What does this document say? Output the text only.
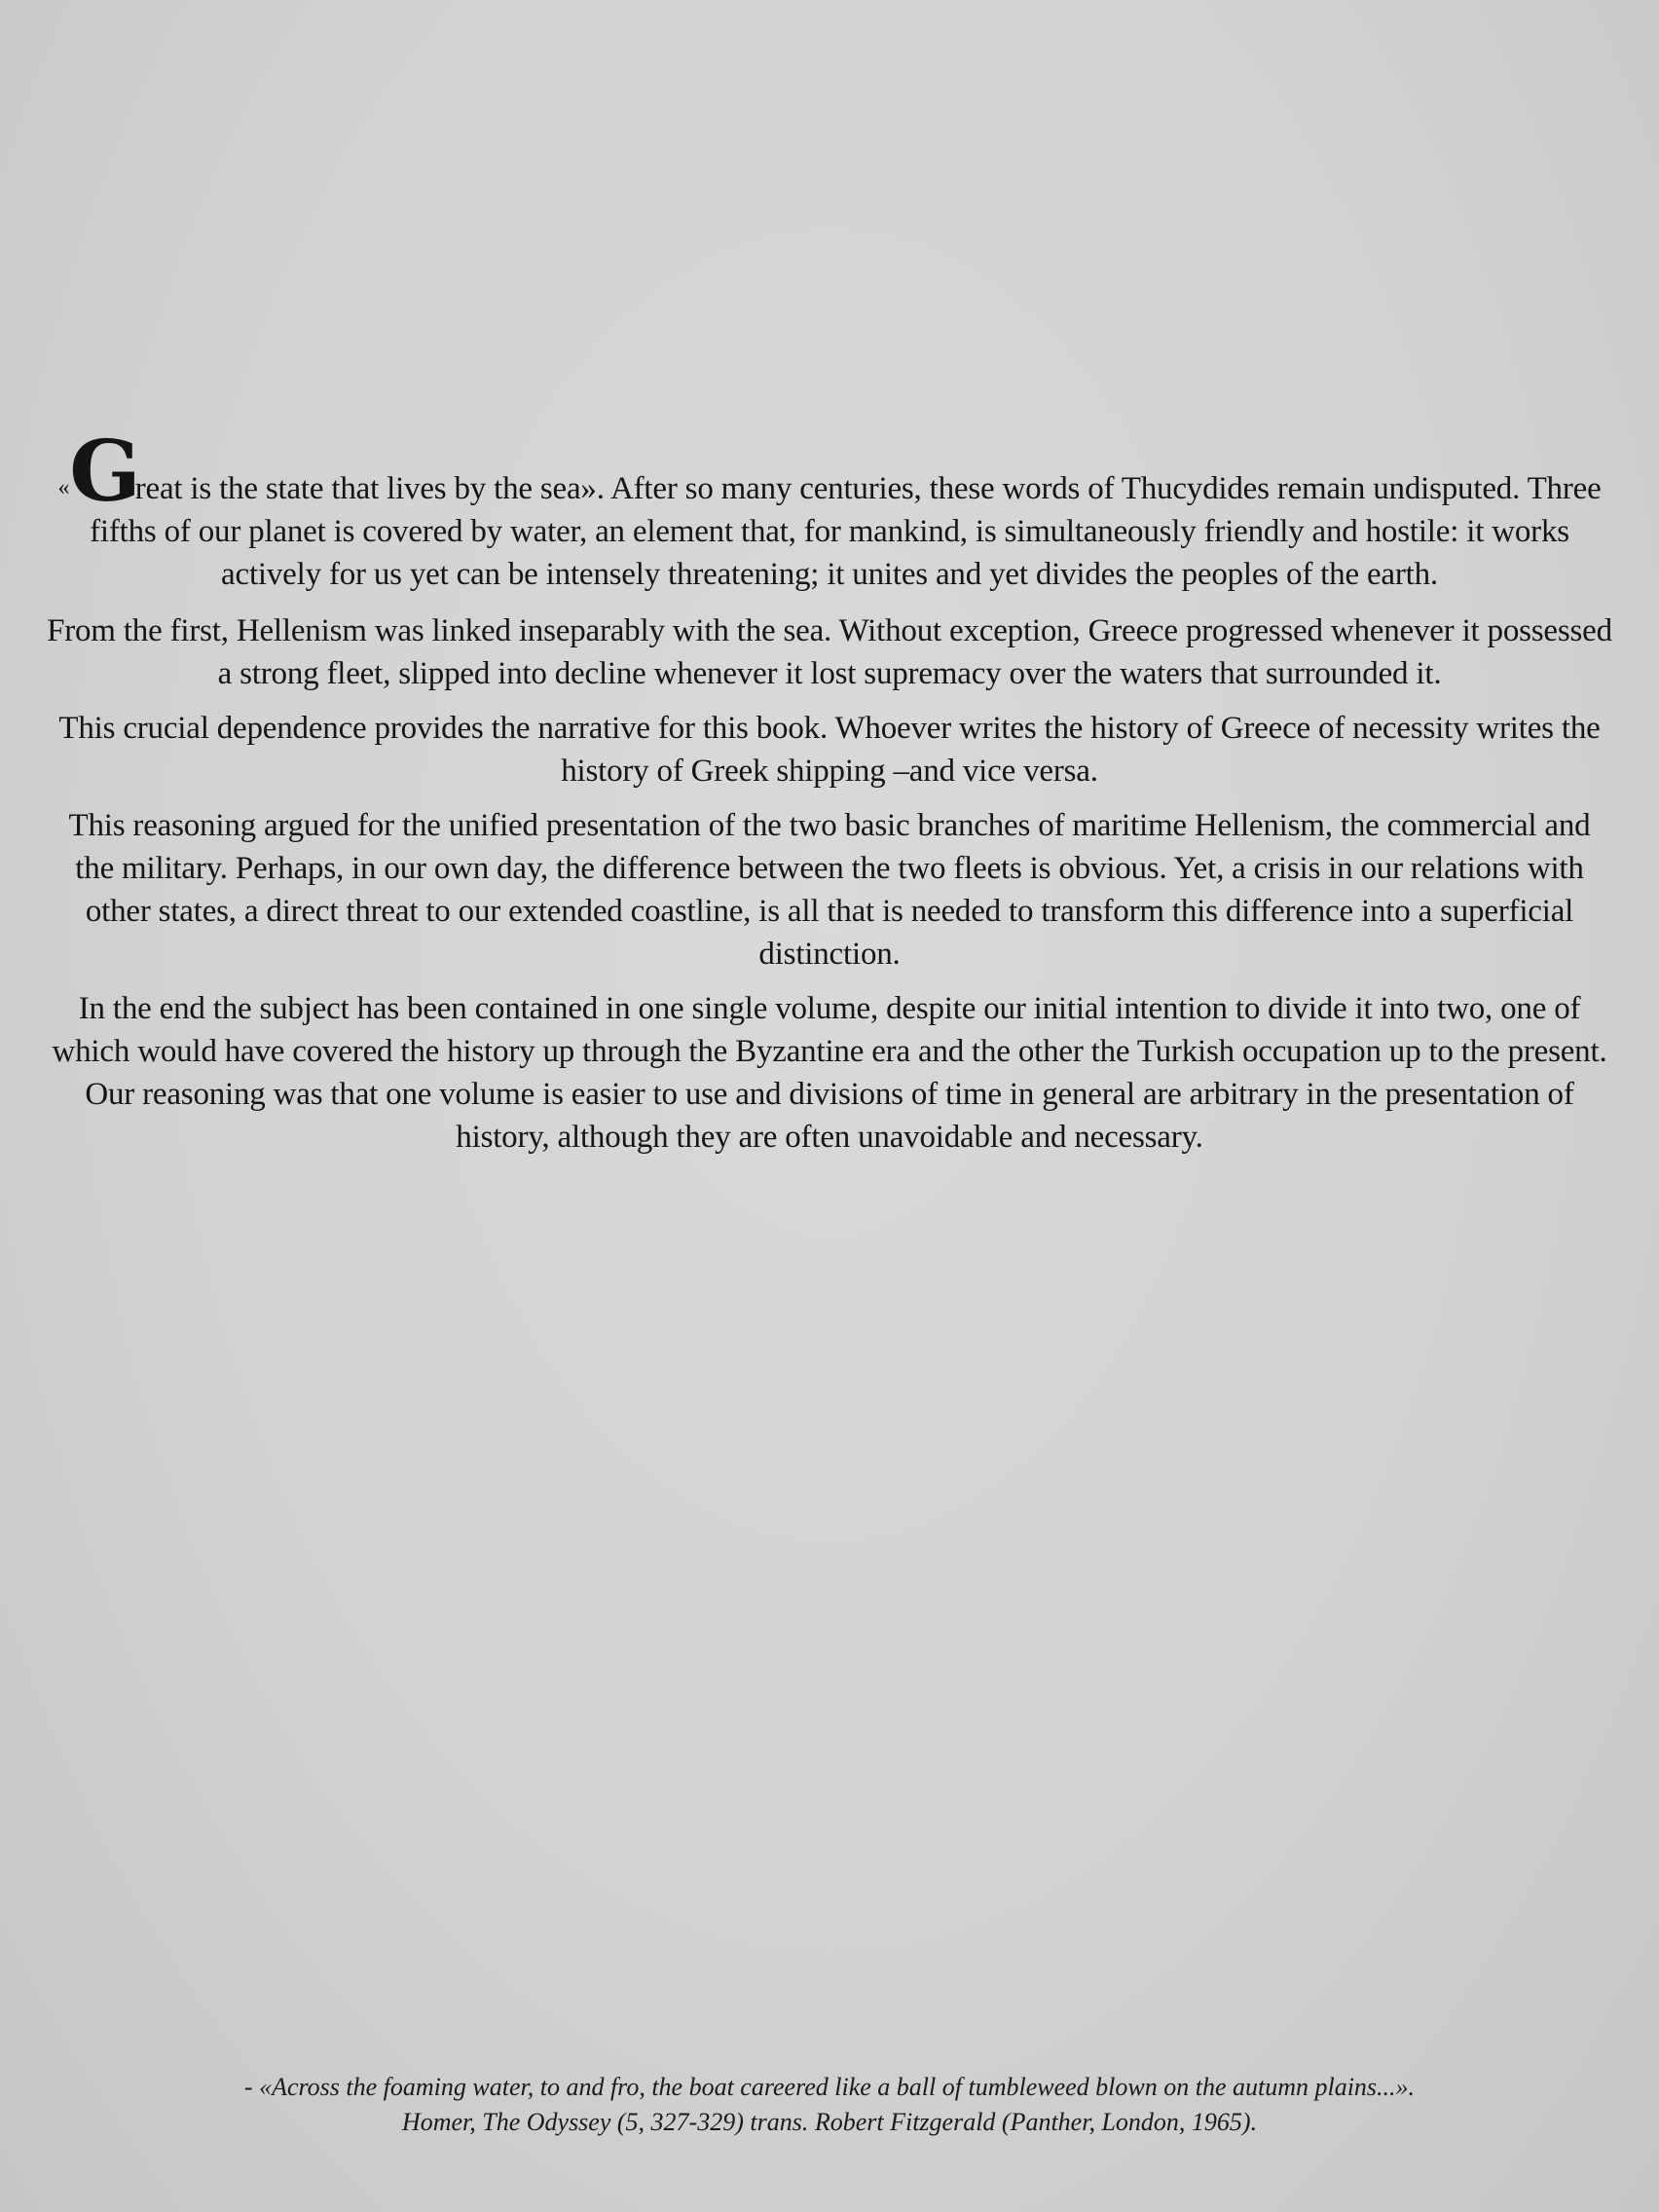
«Great is the state that lives by the sea». After so many centuries, these words of Thucydides remain undisputed. Three fifths of our planet is covered by water, an element that, for mankind, is simultaneously friendly and hostile: it works actively for us yet can be intensely threatening; it unites and yet divides the peoples of the earth.

From the first, Hellenism was linked inseparably with the sea. Without exception, Greece progressed whenever it possessed a strong fleet, slipped into decline whenever it lost supremacy over the waters that surrounded it.

This crucial dependence provides the narrative for this book. Whoever writes the history of Greece of necessity writes the history of Greek shipping –and vice versa.

This reasoning argued for the unified presentation of the two basic branches of maritime Hellenism, the commercial and the military. Perhaps, in our own day, the difference between the two fleets is obvious. Yet, a crisis in our relations with other states, a direct threat to our extended coastline, is all that is needed to transform this difference into a superficial distinction.

In the end the subject has been contained in one single volume, despite our initial intention to divide it into two, one of which would have covered the history up through the Byzantine era and the other the Turkish occupation up to the present. Our reasoning was that one volume is easier to use and divisions of time in general are arbitrary in the presentation of history, although they are often unavoidable and necessary.

- «Across the foaming water, to and fro, the boat careered like a ball of tumbleweed blown on the autumn plains...».

Homer, The Odyssey (5, 327-329) trans. Robert Fitzgerald (Panther, London, 1965).
